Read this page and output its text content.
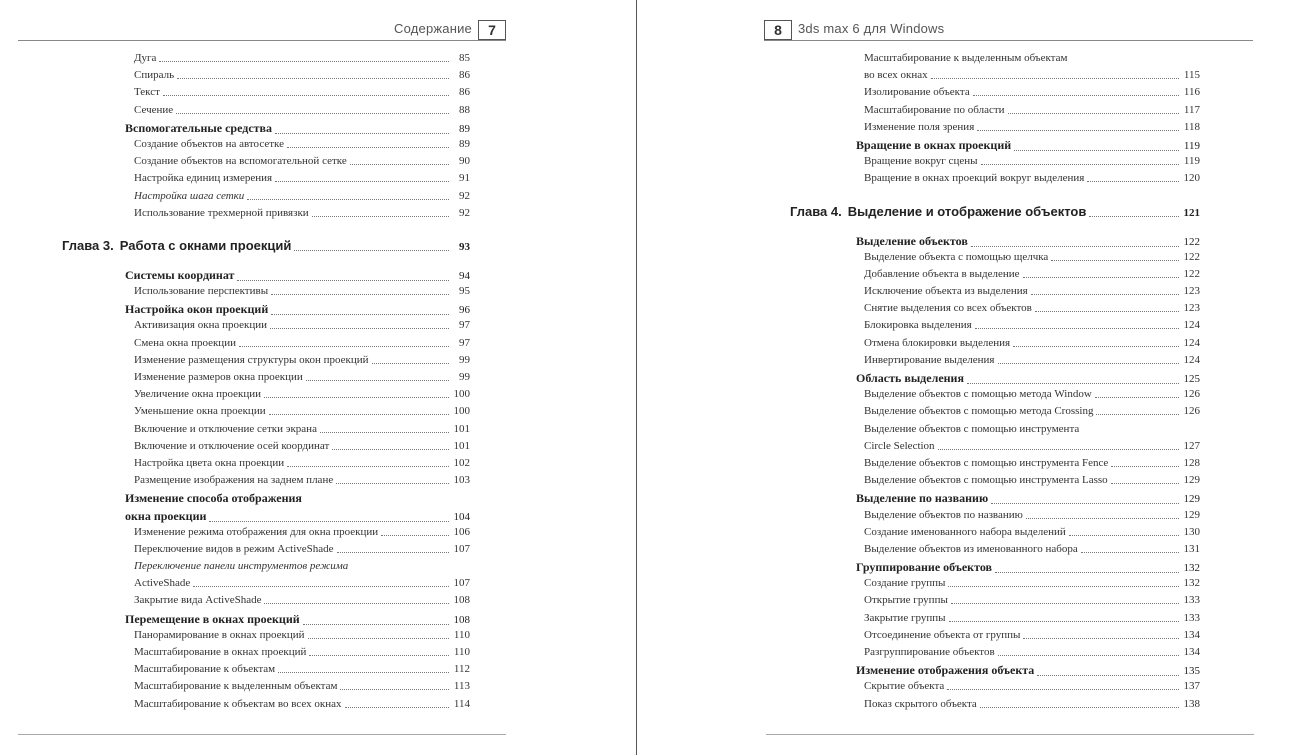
Содержание	7
Дуга	85
Спираль	86
Текст	86
Сечение	88
Вспомогательные средства	89
Создание объектов на автосетке	89
Создание объектов на вспомогательной сетке	90
Настройка единиц измерения	91
Настройка шага сетки	92
Использование трехмерной привязки	92
Глава 3. Работа с окнами проекций	93
Системы координат	94
Использование перспективы	95
Настройка окон проекций	96
Активизация окна проекции	97
Смена окна проекции	97
Изменение размещения структуры окон проекций	99
Изменение размеров окна проекции	99
Увеличение окна проекции	100
Уменьшение окна проекции	100
Включение и отключение сетки экрана	101
Включение и отключение осей координат	101
Настройка цвета окна проекции	102
Размещение изображения на заднем плане	103
Изменение способа отображения
окна проекции	104
Изменение режима отображения для окна проекции	106
Переключение видов в режим ActiveShade	107
Переключение панели инструментов режима
ActiveShade	107
Закрытие вида ActiveShade	108
Перемещение в окнах проекций	108
Панорамирование в окнах проекций	110
Масштабирование в окнах проекций	110
Масштабирование к объектам	112
Масштабирование к выделенным объектам	113
Масштабирование к объектам во всех окнах	114
8	3ds max 6 для Windows
Масштабирование к выделенным объектам
во всех окнах	115
Изолирование объекта	116
Масштабирование по области	117
Изменение поля зрения	118
Вращение в окнах проекций	119
Вращение вокруг сцены	119
Вращение в окнах проекций вокруг выделения	120
Глава 4. Выделение и отображение объектов	121
Выделение объектов	122
Выделение объекта с помощью щелчка	122
Добавление объекта в выделение	122
Исключение объекта из выделения	123
Снятие выделения со всех объектов	123
Блокировка выделения	124
Отмена блокировки выделения	124
Инвертирование выделения	124
Область выделения	125
Выделение объектов с помощью метода Window	126
Выделение объектов с помощью метода Crossing	126
Выделение объектов с помощью инструмента
Circle Selection	127
Выделение объектов с помощью инструмента Fence	128
Выделение объектов с помощью инструмента Lasso	129
Выделение по названию	129
Выделение объектов по названию	129
Создание именованного набора выделений	130
Выделение объектов из именованного набора	131
Группирование объектов	132
Создание группы	132
Открытие группы	133
Закрытие группы	133
Отсоединение объекта от группы	134
Разгруппирование объектов	134
Изменение отображения объекта	135
Скрытие объекта	137
Показ скрытого объекта	138
